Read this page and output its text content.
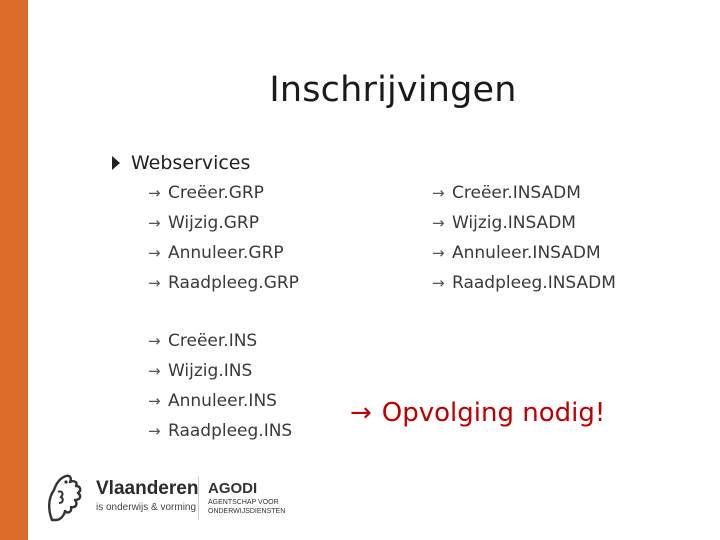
Inschrijvingen
Webservices
→ Creëer.GRP
→ Wijzig.GRP
→ Annuleer.GRP
→ Raadpleeg.GRP
→ Creëer.INSADM
→ Wijzig.INSADM
→ Annuleer.INSADM
→ Raadpleeg.INSADM
→ Creëer.INS
→ Wijzig.INS
→ Annuleer.INS
→ Raadpleeg.INS
→ Opvolging nodig!
Vlaanderen
is onderwijs & vorming
AGODI
AGENTSCHAP VOOR ONDERWIJSDIENSTEN
